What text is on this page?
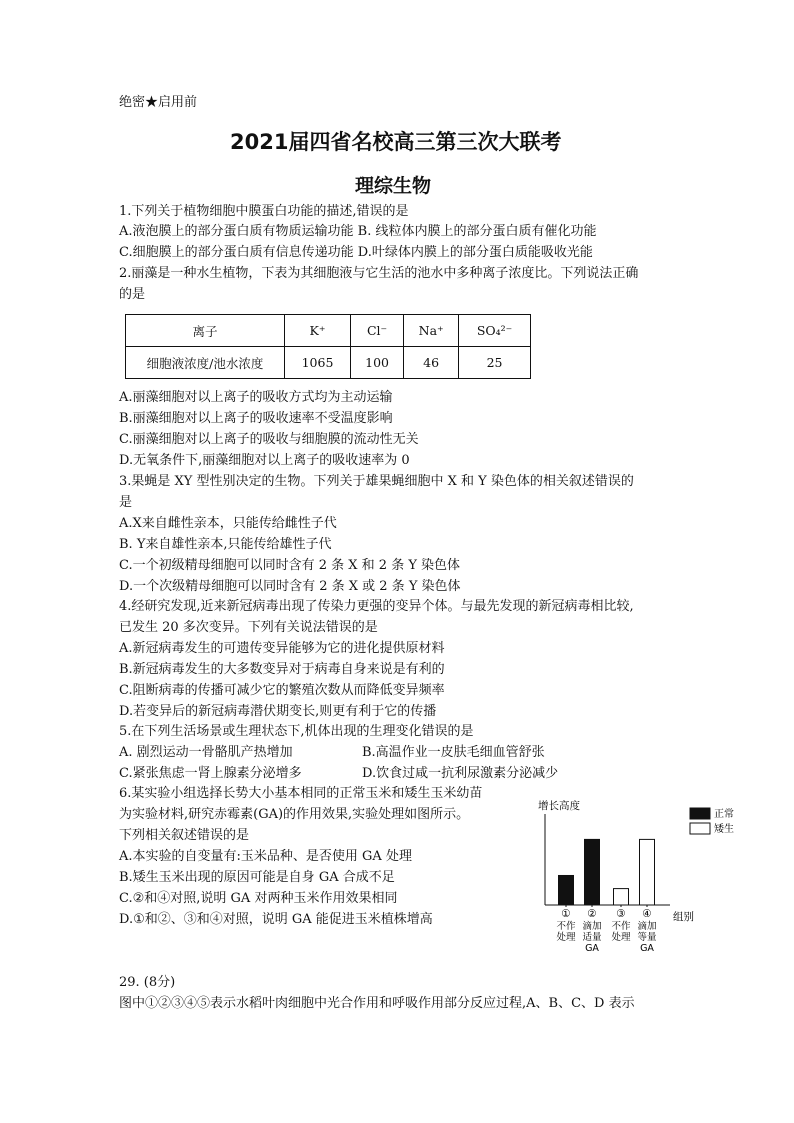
绝密★启用前
2021届四省名校高三第三次大联考
理综生物
1.下列关于植物细胞中膜蛋白功能的描述,错误的是
A.液泡膜上的部分蛋白质有物质运输功能 B. 线粒体内膜上的部分蛋白质有催化功能
C.细胞膜上的部分蛋白质有信息传递功能 D.叶绿体内膜上的部分蛋白质能吸收光能
2.丽藻是一种水生植物，下表为其细胞液与它生活的池水中多种离子浓度比。下列说法正确
的是
离子	K⁺	Cl⁻	Na⁺	SO₄²⁻
细胞液浓度/池水浓度	1065	100	46	25
A.丽藻细胞对以上离子的吸收方式均为主动运输
B.丽藻细胞对以上离子的吸收速率不受温度影响
C.丽藻细胞对以上离子的吸收与细胞膜的流动性无关
D.无氧条件下,丽藻细胞对以上离子的吸收速率为 0
3.果蝇是 XY 型性别决定的生物。下列关于雄果蝇细胞中 X 和 Y 染色体的相关叙述错误的
是
A.X来自雌性亲本，只能传给雌性子代
B. Y来自雄性亲本,只能传给雄性子代
C.一个初级精母细胞可以同时含有 2 条 X 和 2 条 Y 染色体
D.一个次级精母细胞可以同时含有 2 条 X 或 2 条 Y 染色体
4.经研究发现,近来新冠病毒出现了传染力更强的变异个体。与最先发现的新冠病毒相比较,
已发生 20 多次变异。下列有关说法错误的是
A.新冠病毒发生的可遗传变异能够为它的进化提供原材料
B.新冠病毒发生的大多数变异对于病毒自身来说是有利的
C.阻断病毒的传播可减少它的繁殖次数从而降低变异频率
D.若变异后的新冠病毒潜伏期变长,则更有利于它的传播
5.在下列生活场景或生理状态下,机体出现的生理变化错误的是
A. 剧烈运动一骨骼肌产热增加	B.高温作业一皮肤毛细血管舒张
C.紧张焦虑一肾上腺素分泌增多	D.饮食过咸一抗利尿激素分泌减少
6.某实验小组选择长势大小基本相同的正常玉米和矮生玉米幼苗
为实验材料,研究赤霉素(GA)的作用效果,实验处理如图所示。
下列相关叙述错误的是
A.本实验的自变量有:玉米品种、是否使用 GA 处理
B.矮生玉米出现的原因可能是自身 GA 合成不足
C.②和④对照,说明 GA 对两种玉米作用效果相同
D.①和②、③和④对照，说明 GA 能促进玉米植株增高
增长高度
组别
正常
矮生
①
不作
处理
②
滴加
适量
GA
③
不作
处理
④
滴加
等量
GA
29. (8分)
图中①②③④⑤表示水稻叶肉细胞中光合作用和呼吸作用部分反应过程,A、B、C、D 表示
